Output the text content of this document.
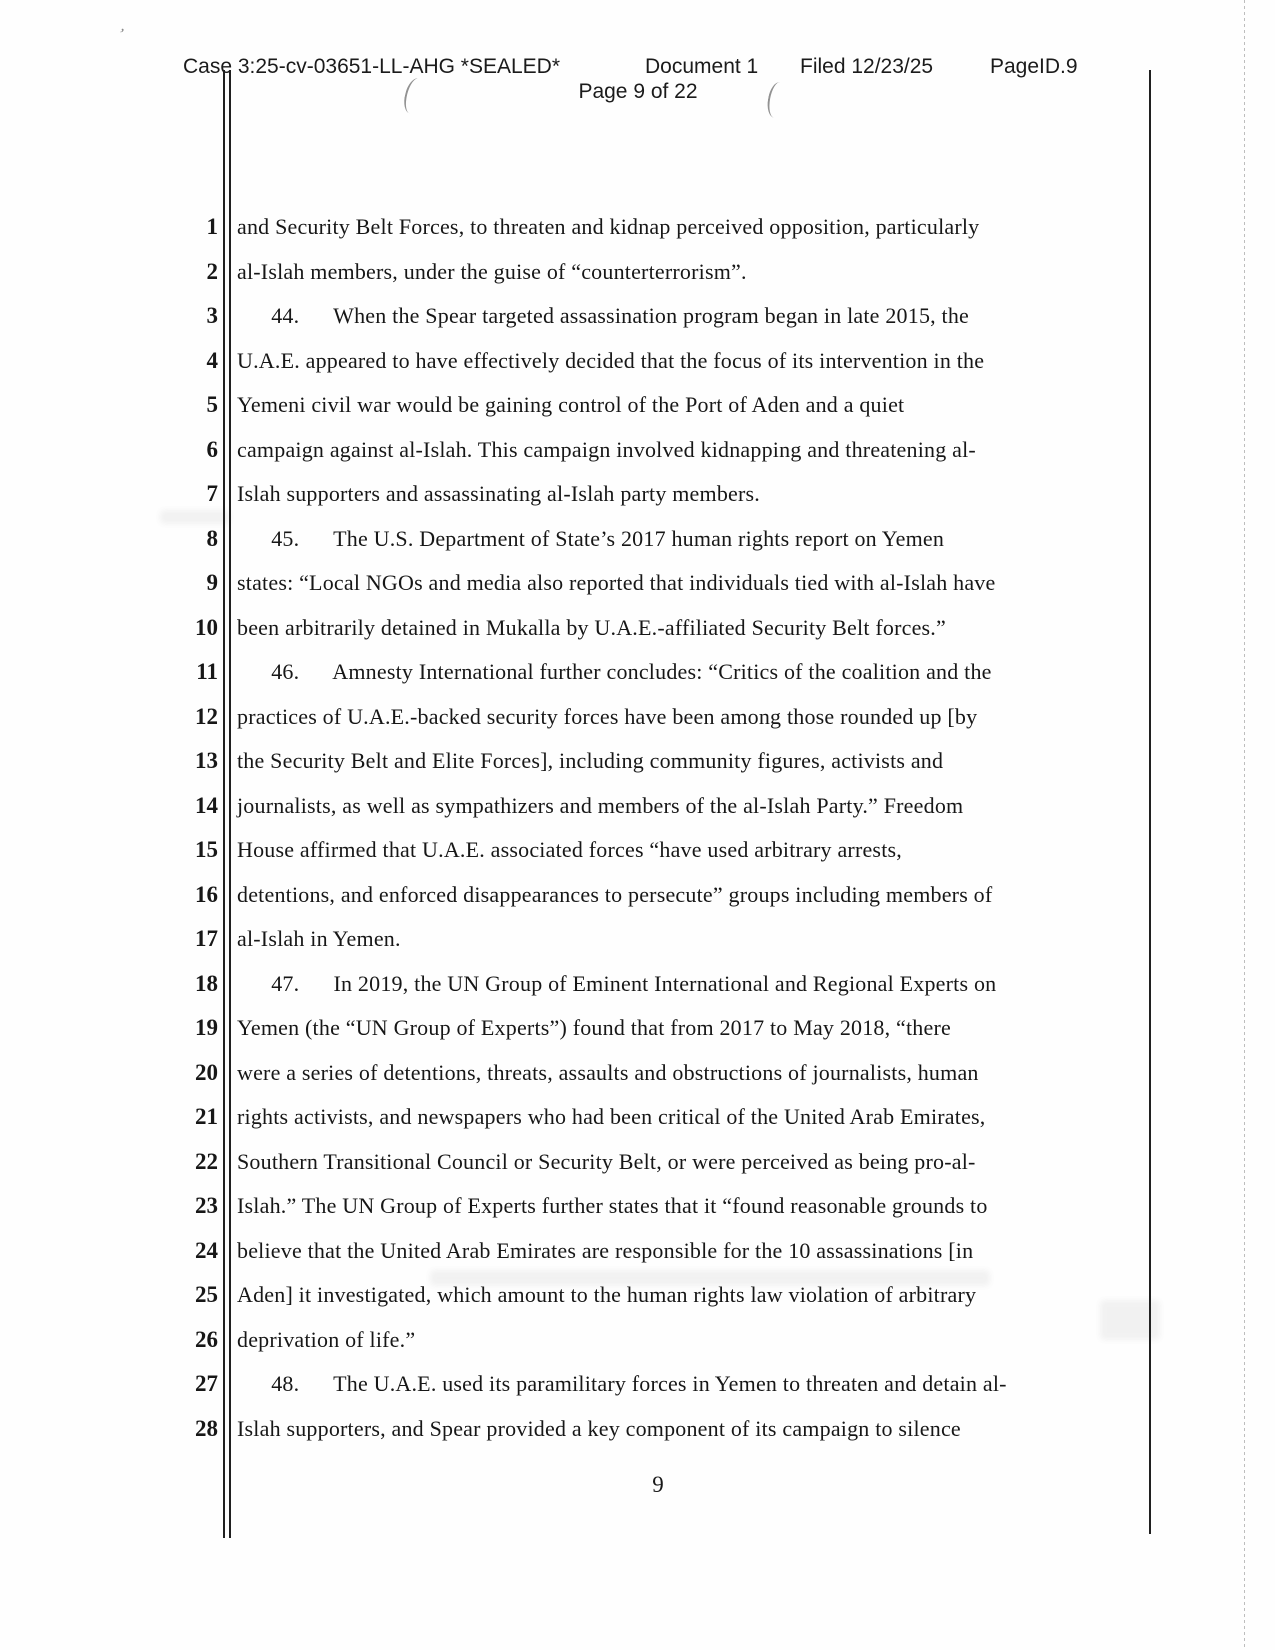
Case 3:25-cv-03651-LL-AHG *SEALED*	Document 1 Filed 12/23/25	PageID.9
Page 9 of 22
1
2
3
4
5
6
7
8
9
10
11
12
13
14
15
16
17
18
19
20
21
22
23
24
25
26
27
28
and Security Belt Forces, to threaten and kidnap perceived opposition, particularly
al-Islah members, under the guise of “counterterrorism”.
44.      When the Spear targeted assassination program began in late 2015, the
U.A.E. appeared to have effectively decided that the focus of its intervention in the
Yemeni civil war would be gaining control of the Port of Aden and a quiet
campaign against al-Islah. This campaign involved kidnapping and threatening al-
Islah supporters and assassinating al-Islah party members.
45.      The U.S. Department of State’s 2017 human rights report on Yemen
states: “Local NGOs and media also reported that individuals tied with al-Islah have
been arbitrarily detained in Mukalla by U.A.E.-affiliated Security Belt forces.”
46.      Amnesty International further concludes: “Critics of the coalition and the
practices of U.A.E.-backed security forces have been among those rounded up [by
the Security Belt and Elite Forces], including community figures, activists and
journalists, as well as sympathizers and members of the al-Islah Party.” Freedom
House affirmed that U.A.E. associated forces “have used arbitrary arrests,
detentions, and enforced disappearances to persecute” groups including members of
al-Islah in Yemen.
47.      In 2019, the UN Group of Eminent International and Regional Experts on
Yemen (the “UN Group of Experts”) found that from 2017 to May 2018, “there
were a series of detentions, threats, assaults and obstructions of journalists, human
rights activists, and newspapers who had been critical of the United Arab Emirates,
Southern Transitional Council or Security Belt, or were perceived as being pro-al-
Islah.” The UN Group of Experts further states that it “found reasonable grounds to
believe that the United Arab Emirates are responsible for the 10 assassinations [in
Aden] it investigated, which amount to the human rights law violation of arbitrary
deprivation of life.”
48.      The U.A.E. used its paramilitary forces in Yemen to threaten and detain al-
Islah supporters, and Spear provided a key component of its campaign to silence
9
’
